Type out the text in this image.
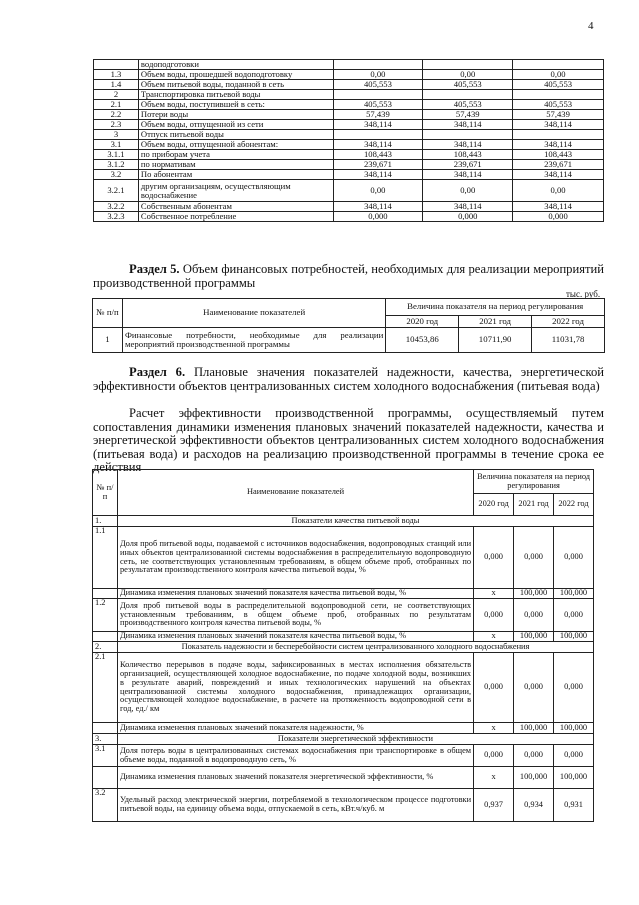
4
	водоподготовки			
1.3	Объем воды, прошедшей водоподготовку	0,00	0,00	0,00
1.4	Объем питьевой воды, поданной в сеть	405,553	405,553	405,553
2	Транспортировка питьевой воды			
2.1	Объем воды, поступившей в сеть:	405,553	405,553	405,553
2.2	Потери воды	57,439	57,439	57,439
2.3	Объем воды, отпущенной из сети	348,114	348,114	348,114
3	Отпуск питьевой воды			
3.1	Объем воды, отпущенной абонентам:	348,114	348,114	348,114
3.1.1	по приборам учета	108,443	108,443	108,443
3.1.2	по нормативам	239,671	239,671	239,671
3.2	По абонентам	348,114	348,114	348,114
3.2.1	другим организациям, осуществляющим водоснабжение	0,00	0,00	0,00
3.2.2	Собственным абонентам	348,114	348,114	348,114
3.2.3	Собственное потребление	0,000	0,000	0,000
Раздел 5. Объем финансовых потребностей, необходимых для реализации мероприятий производственной программы
тыс. руб.
№ п/п	Наименование показателей	Величина показателя на период регулирования		
		2020 год	2021 год	2022 год
1	Финансовые потребности, необходимые для реализации мероприятий производственной программы	10453,86	10711,90	11031,78
Раздел 6. Плановые значения показателей надежности, качества, энергетической эффективности объектов централизованных систем холодного водоснабжения (питьевая вода)
Расчет эффективности производственной программы, осуществляемый путем сопоставления динамики изменения плановых значений показателей надежности, качества и энергетической эффективности объектов централизованных систем холодного водоснабжения (питьевая вода) и расходов на реализацию производственной программы в течение срока ее действия
№ п/п	Наименование показателей	Величина показателя на период регулирования		
		2020 год	2021 год	2022 год
1.	Показатели качества питьевой воды			
1.1	Доля проб питьевой воды, подаваемой с источников водоснабжения, водопроводных станций или иных объектов централизованной системы водоснабжения в распределительную водопроводную сеть, не соответствующих установленным требованиям, в общем объеме проб, отобранных по результатам производственного контроля качества питьевой воды, %	0,000	0,000	0,000
	Динамика изменения плановых значений показателя качества питьевой воды, %	x	100,000	100,000
1.2	Доля проб питьевой воды в распределительной водопроводной сети, не соответствующих установленным требованиям, в общем объеме проб, отобранных по результатам производственного контроля качества питьевой воды, %	0,000	0,000	0,000
	Динамика изменения плановых значений показателя качества питьевой воды, %	x	100,000	100,000
2.	Показатель надежности и бесперебойности систем централизованного холодного водоснабжения			
2.1	Количество перерывов в подаче воды, зафиксированных в местах исполнения обязательств организацией, осуществляющей холодное водоснабжение, по подаче холодной воды, возникших в результате аварий, повреждений и иных технологических нарушений на объектах централизованной системы холодного водоснабжения, принадлежащих организации, осуществляющей холодное водоснабжение, в расчете на протяженность водопроводной сети в год, ед./ км	0,000	0,000	0,000
	Динамика изменения плановых значений показателя надежности, %	x	100,000	100,000
3.	Показатели энергетической эффективности			
3.1	Доля потерь воды в централизованных системах водоснабжения при транспортировке в общем объеме воды, поданной в водопроводную сеть, %	0,000	0,000	0,000
	Динамика изменения плановых значений показателя энергетической эффективности, %	x	100,000	100,000
3.2	Удельный расход электрической энергии, потребляемой в технологическом процессе подготовки питьевой воды, на единицу объема воды, отпускаемой в сеть, кВт.ч/куб. м	0,937	0,934	0,931
